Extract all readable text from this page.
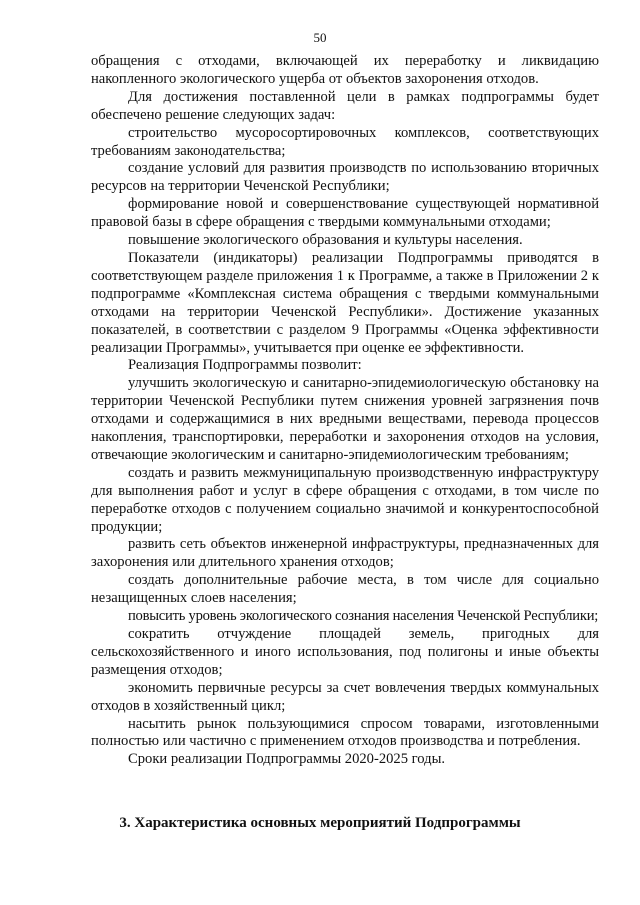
50

обращения с отходами, включающей их переработку и ликвидацию накопленного экологического ущерба от объектов захоронения отходов.

Для достижения поставленной цели в рамках подпрограммы будет обеспечено решение следующих задач:

строительство мусоросортировочных комплексов, соответствующих требованиям законодательства;

создание условий для развития производств по использованию вторичных ресурсов на территории Чеченской Республики;

формирование новой и совершенствование существующей нормативной правовой базы в сфере обращения с твердыми коммунальными отходами;

повышение экологического образования и культуры населения.

Показатели (индикаторы) реализации Подпрограммы приводятся в соответствующем разделе приложения 1 к Программе, а также в Приложении 2 к подпрограмме «Комплексная система обращения с твердыми коммунальными отходами на территории Чеченской Республики». Достижение указанных показателей, в соответствии с разделом 9 Программы «Оценка эффективности реализации Программы», учитывается при оценке ее эффективности.

Реализация Подпрограммы позволит:

улучшить экологическую и санитарно-эпидемиологическую обстановку на территории Чеченской Республики путем снижения уровней загрязнения почв отходами и содержащимися в них вредными веществами, перевода процессов накопления, транспортировки, переработки и захоронения отходов на условия, отвечающие экологическим и санитарно-эпидемиологическим требованиям;

создать и развить межмуниципальную производственную инфраструктуру для выполнения работ и услуг в сфере обращения с отходами, в том числе по переработке отходов с получением социально значимой и конкурентоспособной продукции;

развить сеть объектов инженерной инфраструктуры, предназначенных для захоронения или длительного хранения отходов;

создать дополнительные рабочие места, в том числе для социально незащищенных слоев населения;

повысить уровень экологического сознания населения Чеченской Республики;

сократить отчуждение площадей земель, пригодных для сельскохозяйственного и иного использования, под полигоны и иные объекты размещения отходов;

экономить первичные ресурсы за счет вовлечения твердых коммунальных отходов в хозяйственный цикл;

насытить рынок пользующимися спросом товарами, изготовленными полностью или частично с применением отходов производства и потребления.

Сроки реализации Подпрограммы 2020-2025 годы.

3. Характеристика основных мероприятий Подпрограммы
